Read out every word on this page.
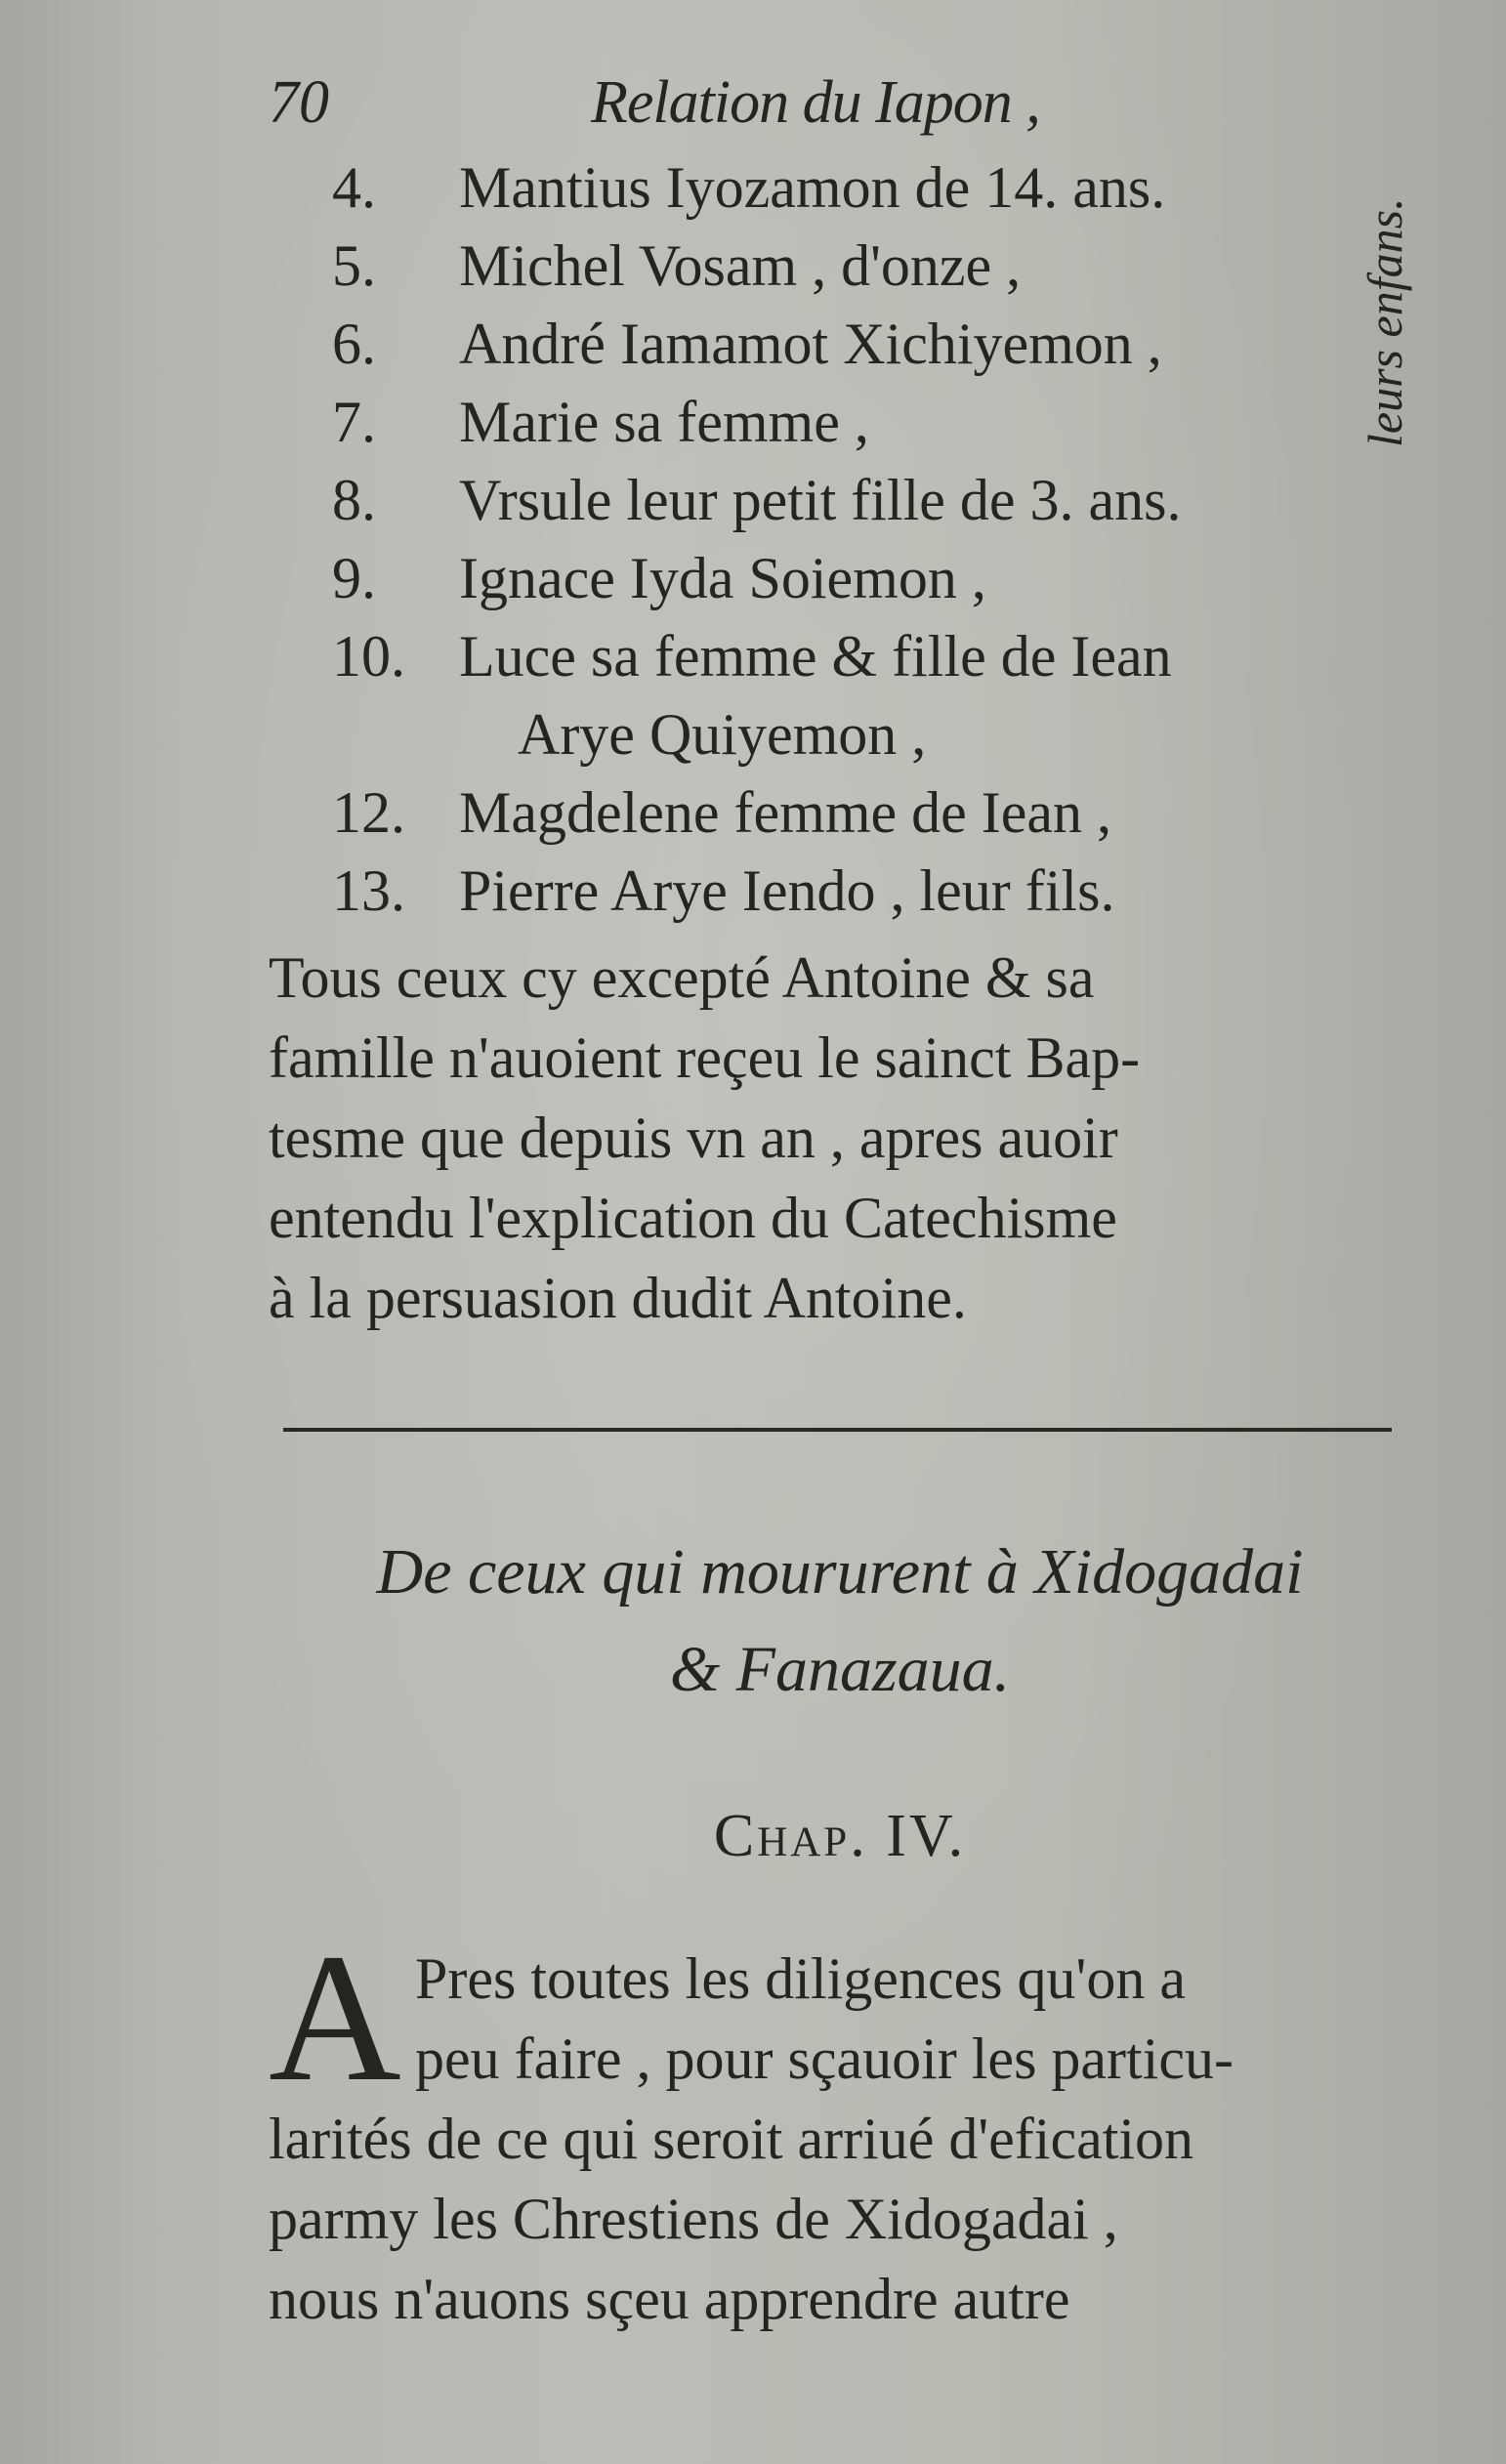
70	Relation du Iapon ,
leurs enfans.
4.	Mantius Iyozamon de 14. ans.
5.	Michel Vosam , d'onze ,
6.	André Iamamot Xichiyemon ,
7.	Marie sa femme ,
8.	Vrsule leur petit fille de 3. ans.
9.	Ignace Iyda Soiemon ,
10. Luce sa femme & fille de Iean
Arye Quiyemon ,
12. Magdelene femme de Iean ,
13. Pierre Arye Iendo , leur fils.
Tous ceux cy excepté Antoine & sa
famille n'auoient reçeu le sainct Bap-
tesme que depuis vn an , apres auoir
entendu l'explication du Catechisme
à la persuasion dudit Antoine.
De ceux qui moururent à Xidogadai
& Fanazaua.
Chap. IV.
A Pres toutes les diligences qu'on a
peu faire , pour sçauoir les particu-
larités de ce qui seroit arriué d'efication
parmy les Chrestiens de Xidogadai ,
nous n'auons sçeu apprendre autre
